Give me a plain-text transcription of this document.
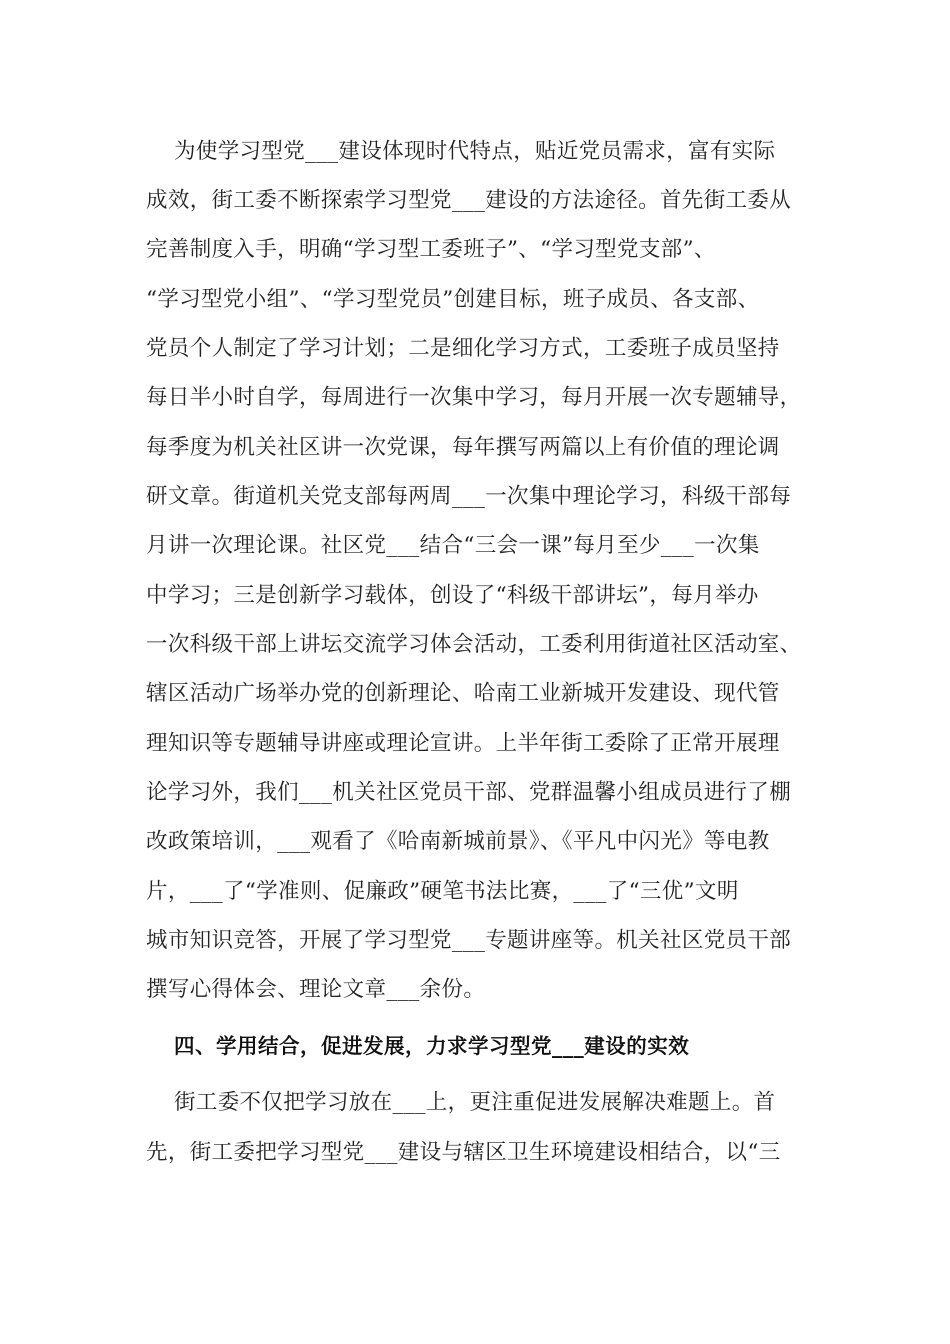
为使学习型党___建设体现时代特点，贴近党员需求，富有实际
成效，街工委不断探索学习型党___建设的方法途径。首先街工委从
完善制度入手，明确“学习型工委班子”、“学习型党支部”、
“学习型党小组”、“学习型党员”创建目标，班子成员、各支部、
党员个人制定了学习计划；二是细化学习方式，工委班子成员坚持
每日半小时自学，每周进行一次集中学习，每月开展一次专题辅导，
每季度为机关社区讲一次党课，每年撰写两篇以上有价值的理论调
研文章。街道机关党支部每两周___一次集中理论学习，科级干部每
月讲一次理论课。社区党___结合“三会一课”每月至少___一次集
中学习；三是创新学习载体，创设了“科级干部讲坛”，每月举办
一次科级干部上讲坛交流学习体会活动，工委利用街道社区活动室、
辖区活动广场举办党的创新理论、哈南工业新城开发建设、现代管
理知识等专题辅导讲座或理论宣讲。上半年街工委除了正常开展理
论学习外，我们___机关社区党员干部、党群温馨小组成员进行了棚
改政策培训，___观看了《哈南新城前景》、《平凡中闪光》等电教
片，___了“学准则、促廉政”硬笔书法比赛，___了“三优”文明
城市知识竞答，开展了学习型党___专题讲座等。机关社区党员干部
撰写心得体会、理论文章___余份。
四、学用结合，促进发展，力求学习型党___建设的实效
街工委不仅把学习放在___上，更注重促进发展解决难题上。首
先，街工委把学习型党___建设与辖区卫生环境建设相结合，以“三
